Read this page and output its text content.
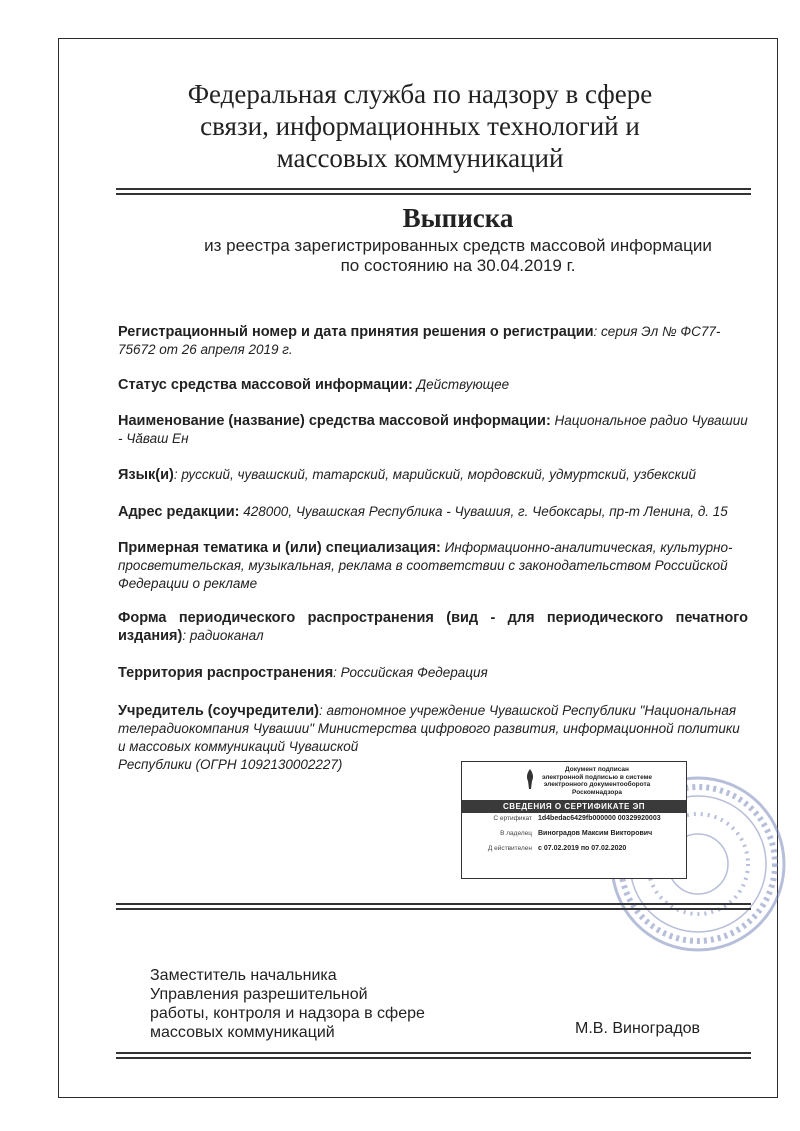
Федеральная служба по надзору в сфере
связи, информационных технологий и
массовых коммуникаций
Выписка
из реестра зарегистрированных средств массовой информации
по состоянию на 30.04.2019 г.
Регистрационный номер и дата принятия решения о регистрации: серия Эл № ФС77-75672 от 26 апреля 2019 г.
Статус средства массовой информации: Действующее
Наименование (название) средства массовой информации: Национальное радио Чувашии - Чăваш Ен
Язык(и): русский, чувашский, татарский, марийский, мордовский, удмуртский, узбекский
Адрес редакции: 428000, Чувашская Республика - Чувашия, г. Чебоксары, пр-т Ленина, д. 15
Примерная тематика и (или) специализация: Информационно-аналитическая, культурно-просветительская, музыкальная, реклама в соответствии с законодательством Российской Федерации о рекламе
Форма периодического распространения (вид - для периодического печатного издания): радиоканал
Территория распространения: Российская Федерация
Учредитель (соучредители): автономное учреждение Чувашской Республики "Национальная телерадиокомпания Чувашии" Министерства цифрового развития, информационной политики и массовых коммуникаций Чувашской
Республики (ОГРН 1092130002227)	Документ подписан
электронной подписью в системе
электронного документооборота
Роскомнадзора
СВЕДЕНИЯ О СЕРТИФИКАТЕ ЭП
С ертификат 1d4bedac6429fb000000 00329920003
В ладелец Виноградов Максим Викторович
Д ействителен с 07.02.2019 по 07.02.2020
Заместитель начальника
Управления разрешительной
работы, контроля и надзора в сфере
массовых коммуникаций	М.В. Виноградов
